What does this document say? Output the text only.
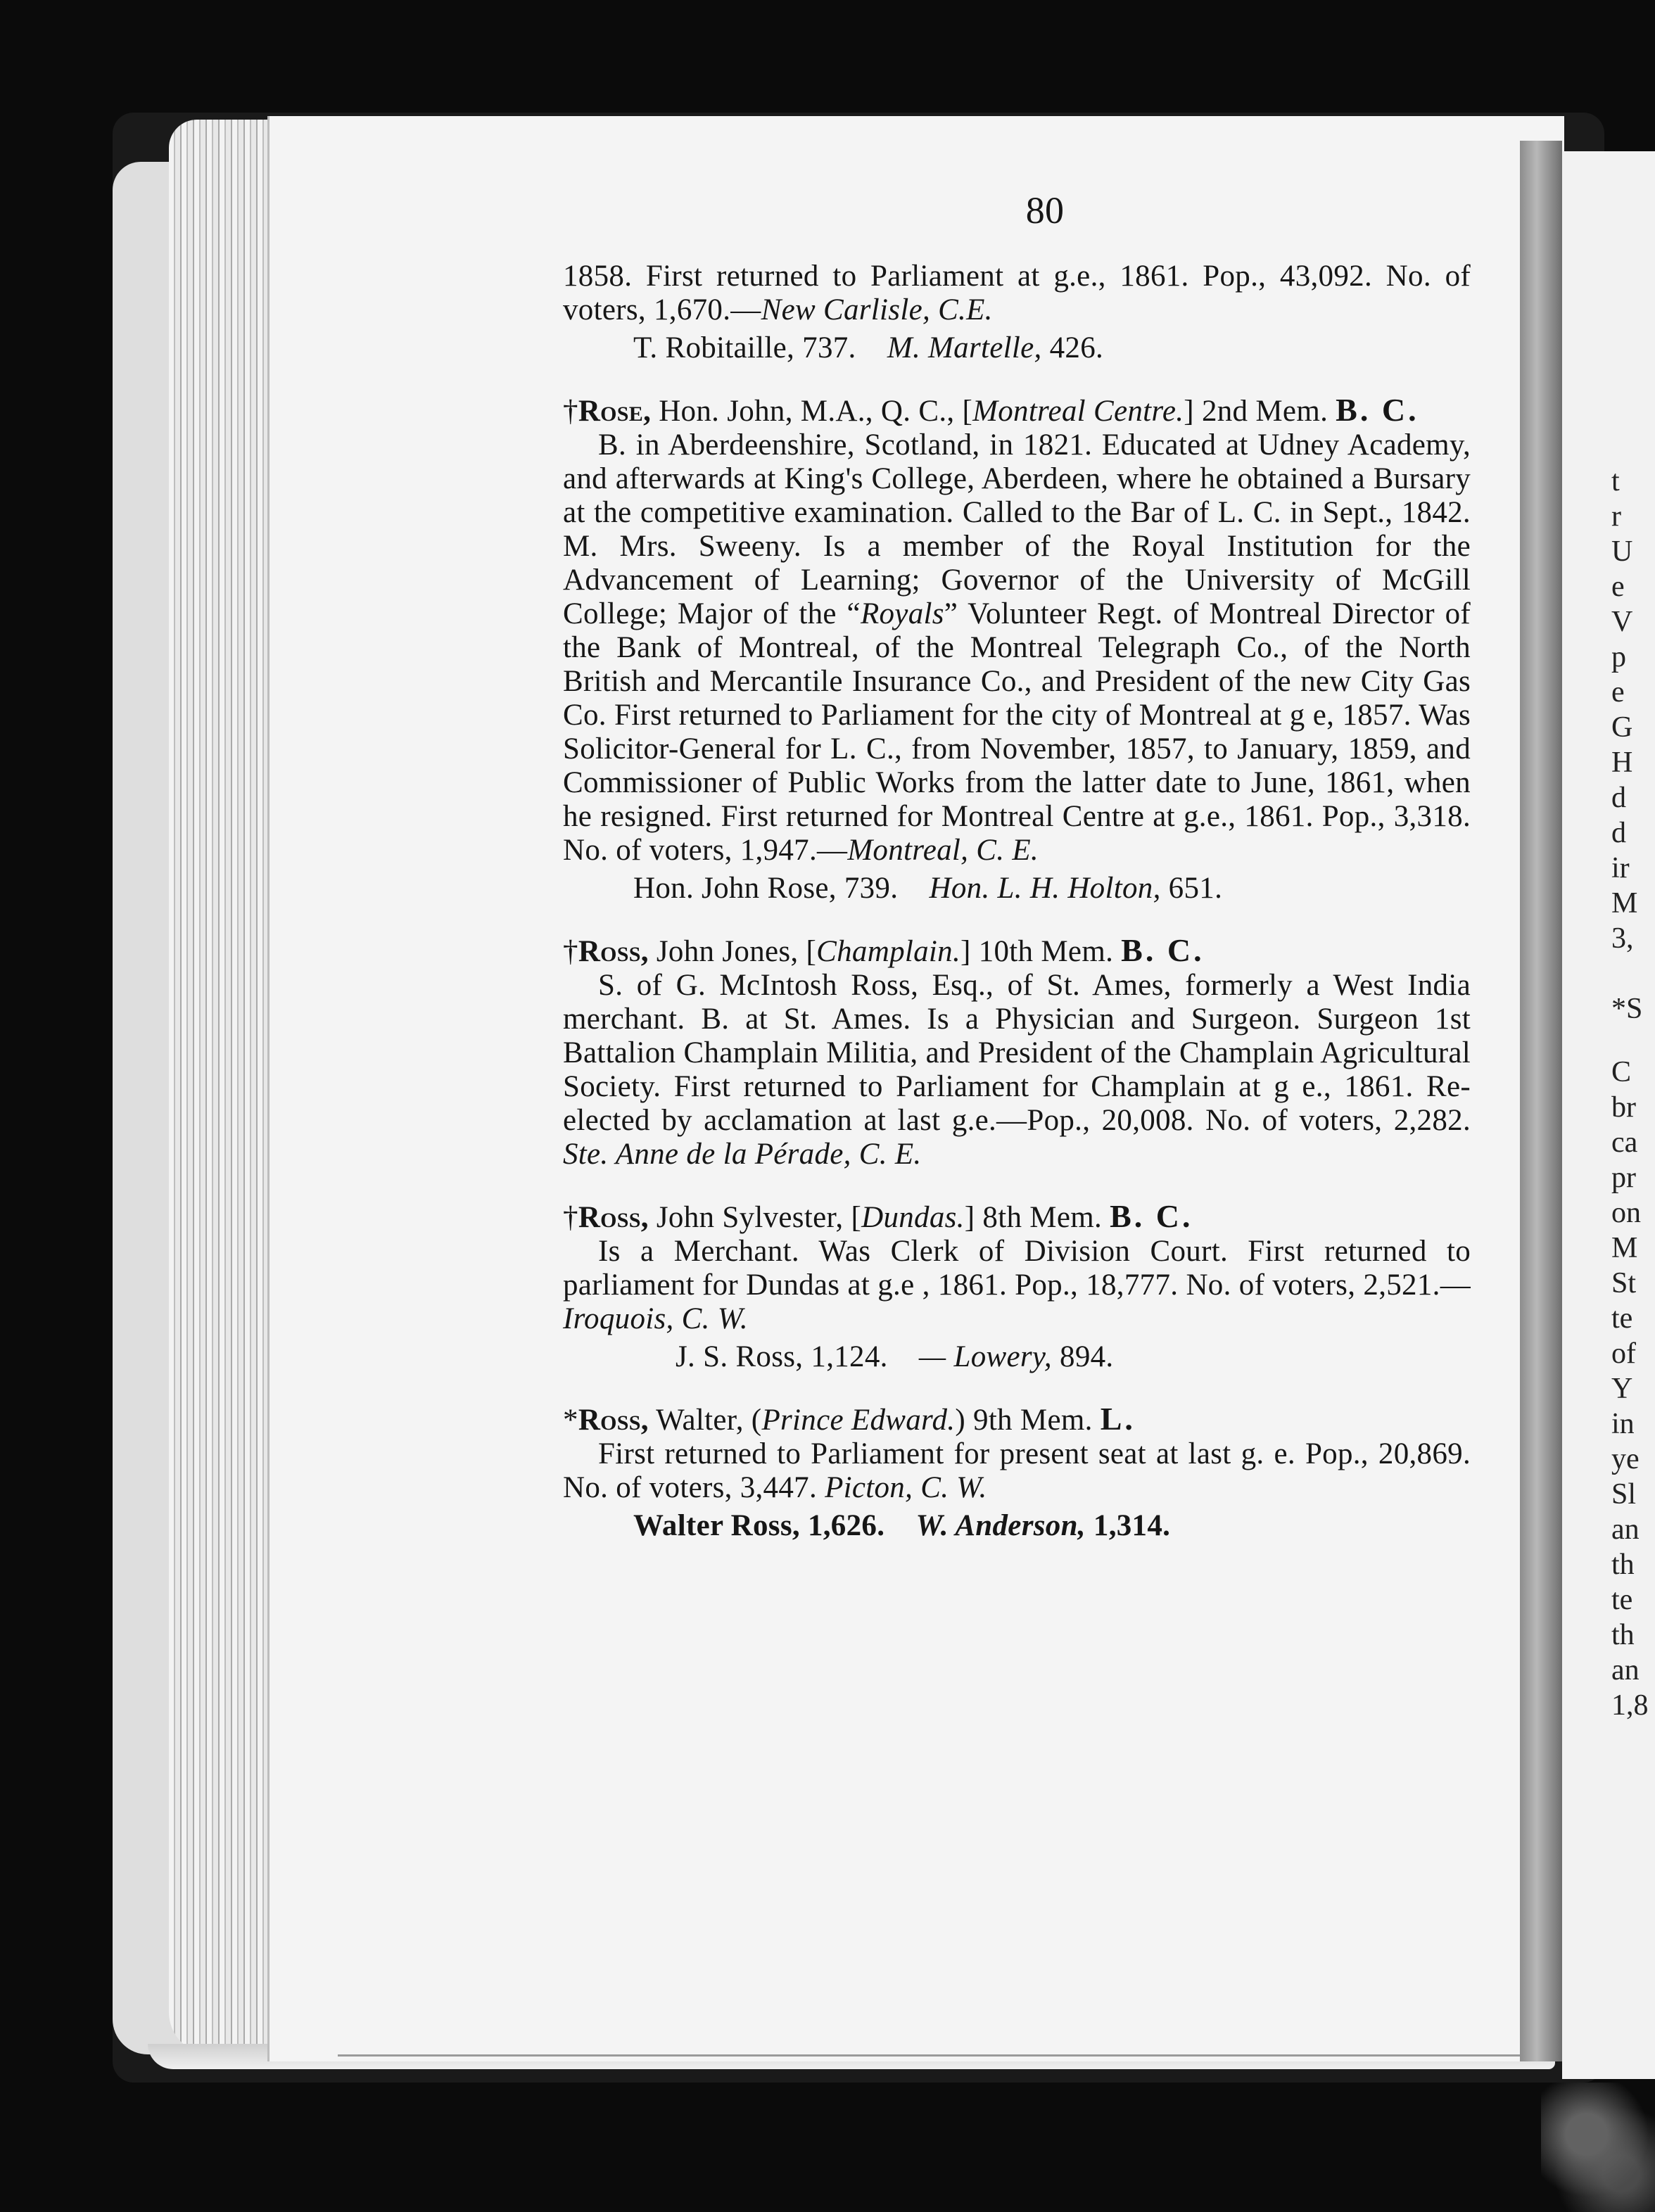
80

1858. First returned to Parliament at g.e., 1861. Pop., 43,092. No. of voters, 1,670.—New Carlisle, C.E.

T. Robitaille, 737. M. Martelle, 426.

†Rose, Hon. John, M.A., Q. C., [Montreal Centre.] 2nd Mem. B. C.

B. in Aberdeenshire, Scotland, in 1821. Educated at Udney Academy, and afterwards at King's College, Aberdeen, where he obtained a Bursary at the competitive examination. Called to the Bar of L. C. in Sept., 1842. M. Mrs. Sweeny. Is a member of the Royal Institution for the Advancement of Learning; Governor of the University of McGill College; Major of the “Royals” Volunteer Regt. of Montreal Director of the Bank of Montreal, of the Montreal Telegraph Co., of the North British and Mercantile Insurance Co., and President of the new City Gas Co. First returned to Parliament for the city of Montreal at g e, 1857. Was Solicitor-General for L. C., from November, 1857, to January, 1859, and Commissioner of Public Works from the latter date to June, 1861, when he resigned. First returned for Montreal Centre at g.e., 1861. Pop., 3,318. No. of voters, 1,947.—Montreal, C. E.

Hon. John Rose, 739. Hon. L. H. Holton, 651.

†Ross, John Jones, [Champlain.] 10th Mem. B. C.

S. of G. McIntosh Ross, Esq., of St. Ames, formerly a West India merchant. B. at St. Ames. Is a Physician and Surgeon. Surgeon 1st Battalion Champlain Militia, and President of the Champlain Agricultural Society. First returned to Parliament for Champlain at g e., 1861. Re-elected by acclamation at last g.e.—Pop., 20,008. No. of voters, 2,282. Ste. Anne de la Pérade, C. E.

†Ross, John Sylvester, [Dundas.] 8th Mem. B. C.

Is a Merchant. Was Clerk of Division Court. First returned to parliament for Dundas at g.e , 1861. Pop., 18,777. No. of voters, 2,521.—Iroquois, C. W.

J. S. Ross, 1,124. — Lowery, 894.

*Ross, Walter, (Prince Edward.) 9th Mem. L.

First returned to Parliament for present seat at last g. e. Pop., 20,869. No. of voters, 3,447. Picton, C. W.

Walter Ross, 1,626. W. Anderson, 1,314.

t
r
U
e
V
p
e
G
H
d
d
ir
M
3,
*S
C
br
ca
pr
on
M
St
te
of
Y
in
ye
Sl
an
th
te
th
an
1,8
